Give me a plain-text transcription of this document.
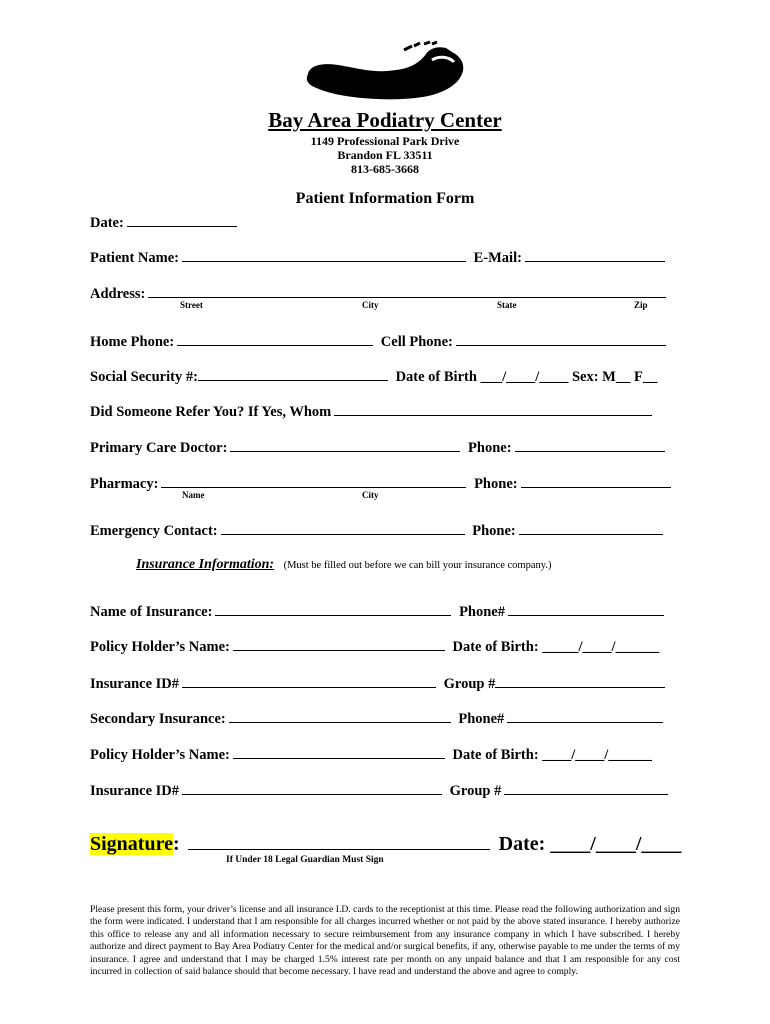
Bay Area Podiatry Center
1149 Professional Park Drive
Brandon FL 33511
813-685-3668
Patient Information Form
Date:
Patient Name:	E-Mail:
Address:
Street	City	State	Zip
Home Phone:	Cell Phone:
Social Security #:	Date of Birth ___/____/____ Sex: M__ F__
Did Someone Refer You? If Yes, Whom
Primary Care Doctor:	Phone:
Pharmacy:	Phone:
Name	City
Emergency Contact:	Phone:
Insurance Information: (Must be filled out before we can bill your insurance company.)
Name of Insurance:	Phone#
Policy Holder’s Name:	Date of Birth: _____/____/______
Insurance ID#	Group #
Secondary Insurance:	Phone#
Policy Holder’s Name:	Date of Birth: ____/____/______
Insurance ID#	Group #
Signature:	Date: ____/____/____
If Under 18 Legal Guardian Must Sign
Please present this form, your driver’s license and all insurance I.D. cards to the receptionist at this time. Please read the following authorization and sign the form were indicated. I understand that I am responsible for all charges incurred whether or not paid by the above stated insurance. I hereby authorize this office to release any and all information necessary to secure reimbursement from any insurance company in which I have subscribed. I hereby authorize and direct payment to Bay Area Podiatry Center for the medical and/or surgical benefits, if any, otherwise payable to me under the terms of my insurance. I agree and understand that I may be charged 1.5% interest rate per month on any unpaid balance and that I am responsible for any cost incurred in collection of said balance should that become necessary. I have read and understand the above and agree to comply.
